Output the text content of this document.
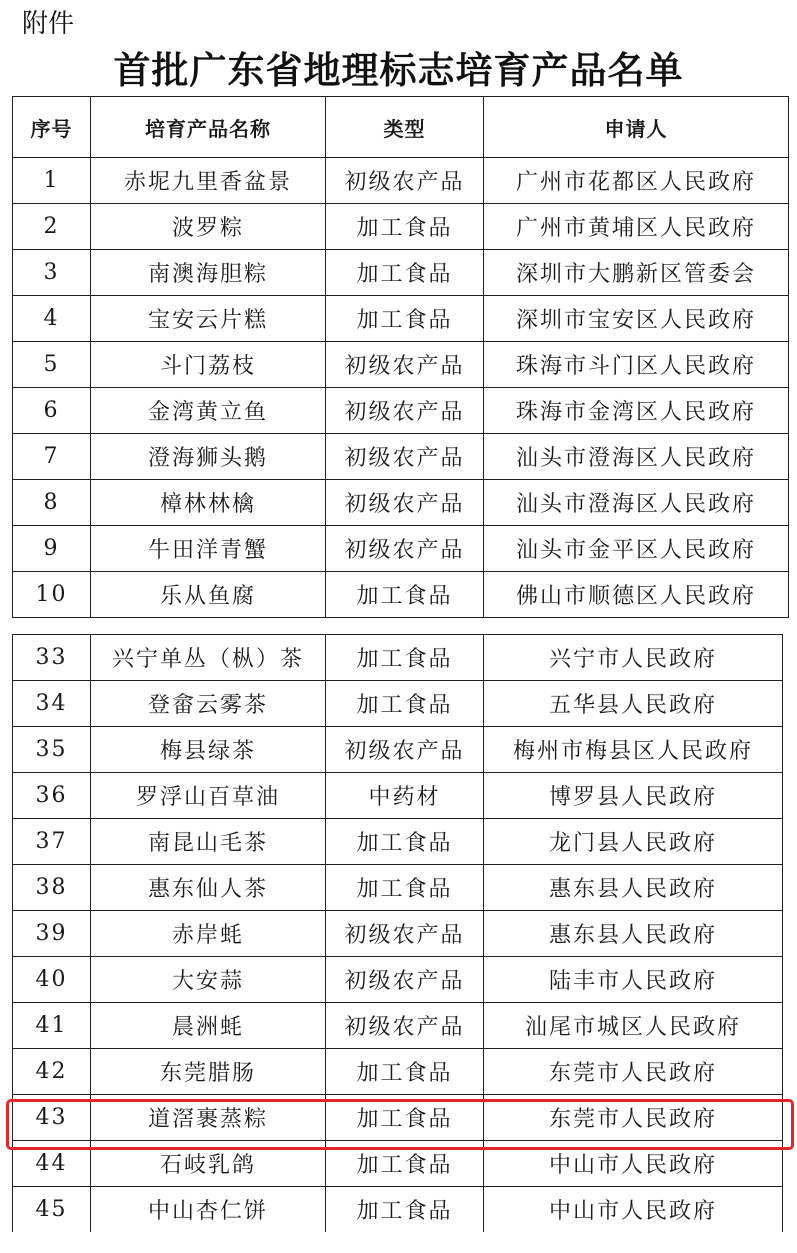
附件
首批广东省地理标志培育产品名单
序号	培育产品名称	类型	申请人
1	赤坭九里香盆景	初级农产品	广州市花都区人民政府
2	波罗粽	加工食品	广州市黄埔区人民政府
3	南澳海胆粽	加工食品	深圳市大鹏新区管委会
4	宝安云片糕	加工食品	深圳市宝安区人民政府
5	斗门荔枝	初级农产品	珠海市斗门区人民政府
6	金湾黄立鱼	初级农产品	珠海市金湾区人民政府
7	澄海狮头鹅	初级农产品	汕头市澄海区人民政府
8	樟林林檎	初级农产品	汕头市澄海区人民政府
9	牛田洋青蟹	初级农产品	汕头市金平区人民政府
10	乐从鱼腐	加工食品	佛山市顺德区人民政府
33	兴宁单丛（枞）茶	加工食品	兴宁市人民政府
34	登畲云雾茶	加工食品	五华县人民政府
35	梅县绿茶	初级农产品	梅州市梅县区人民政府
36	罗浮山百草油	中药材	博罗县人民政府
37	南昆山毛茶	加工食品	龙门县人民政府
38	惠东仙人茶	加工食品	惠东县人民政府
39	赤岸蚝	初级农产品	惠东县人民政府
40	大安蒜	初级农产品	陆丰市人民政府
41	晨洲蚝	初级农产品	汕尾市城区人民政府
42	东莞腊肠	加工食品	东莞市人民政府
43	道滘裹蒸粽	加工食品	东莞市人民政府
44	石岐乳鸽	加工食品	中山市人民政府
45	中山杏仁饼	加工食品	中山市人民政府
